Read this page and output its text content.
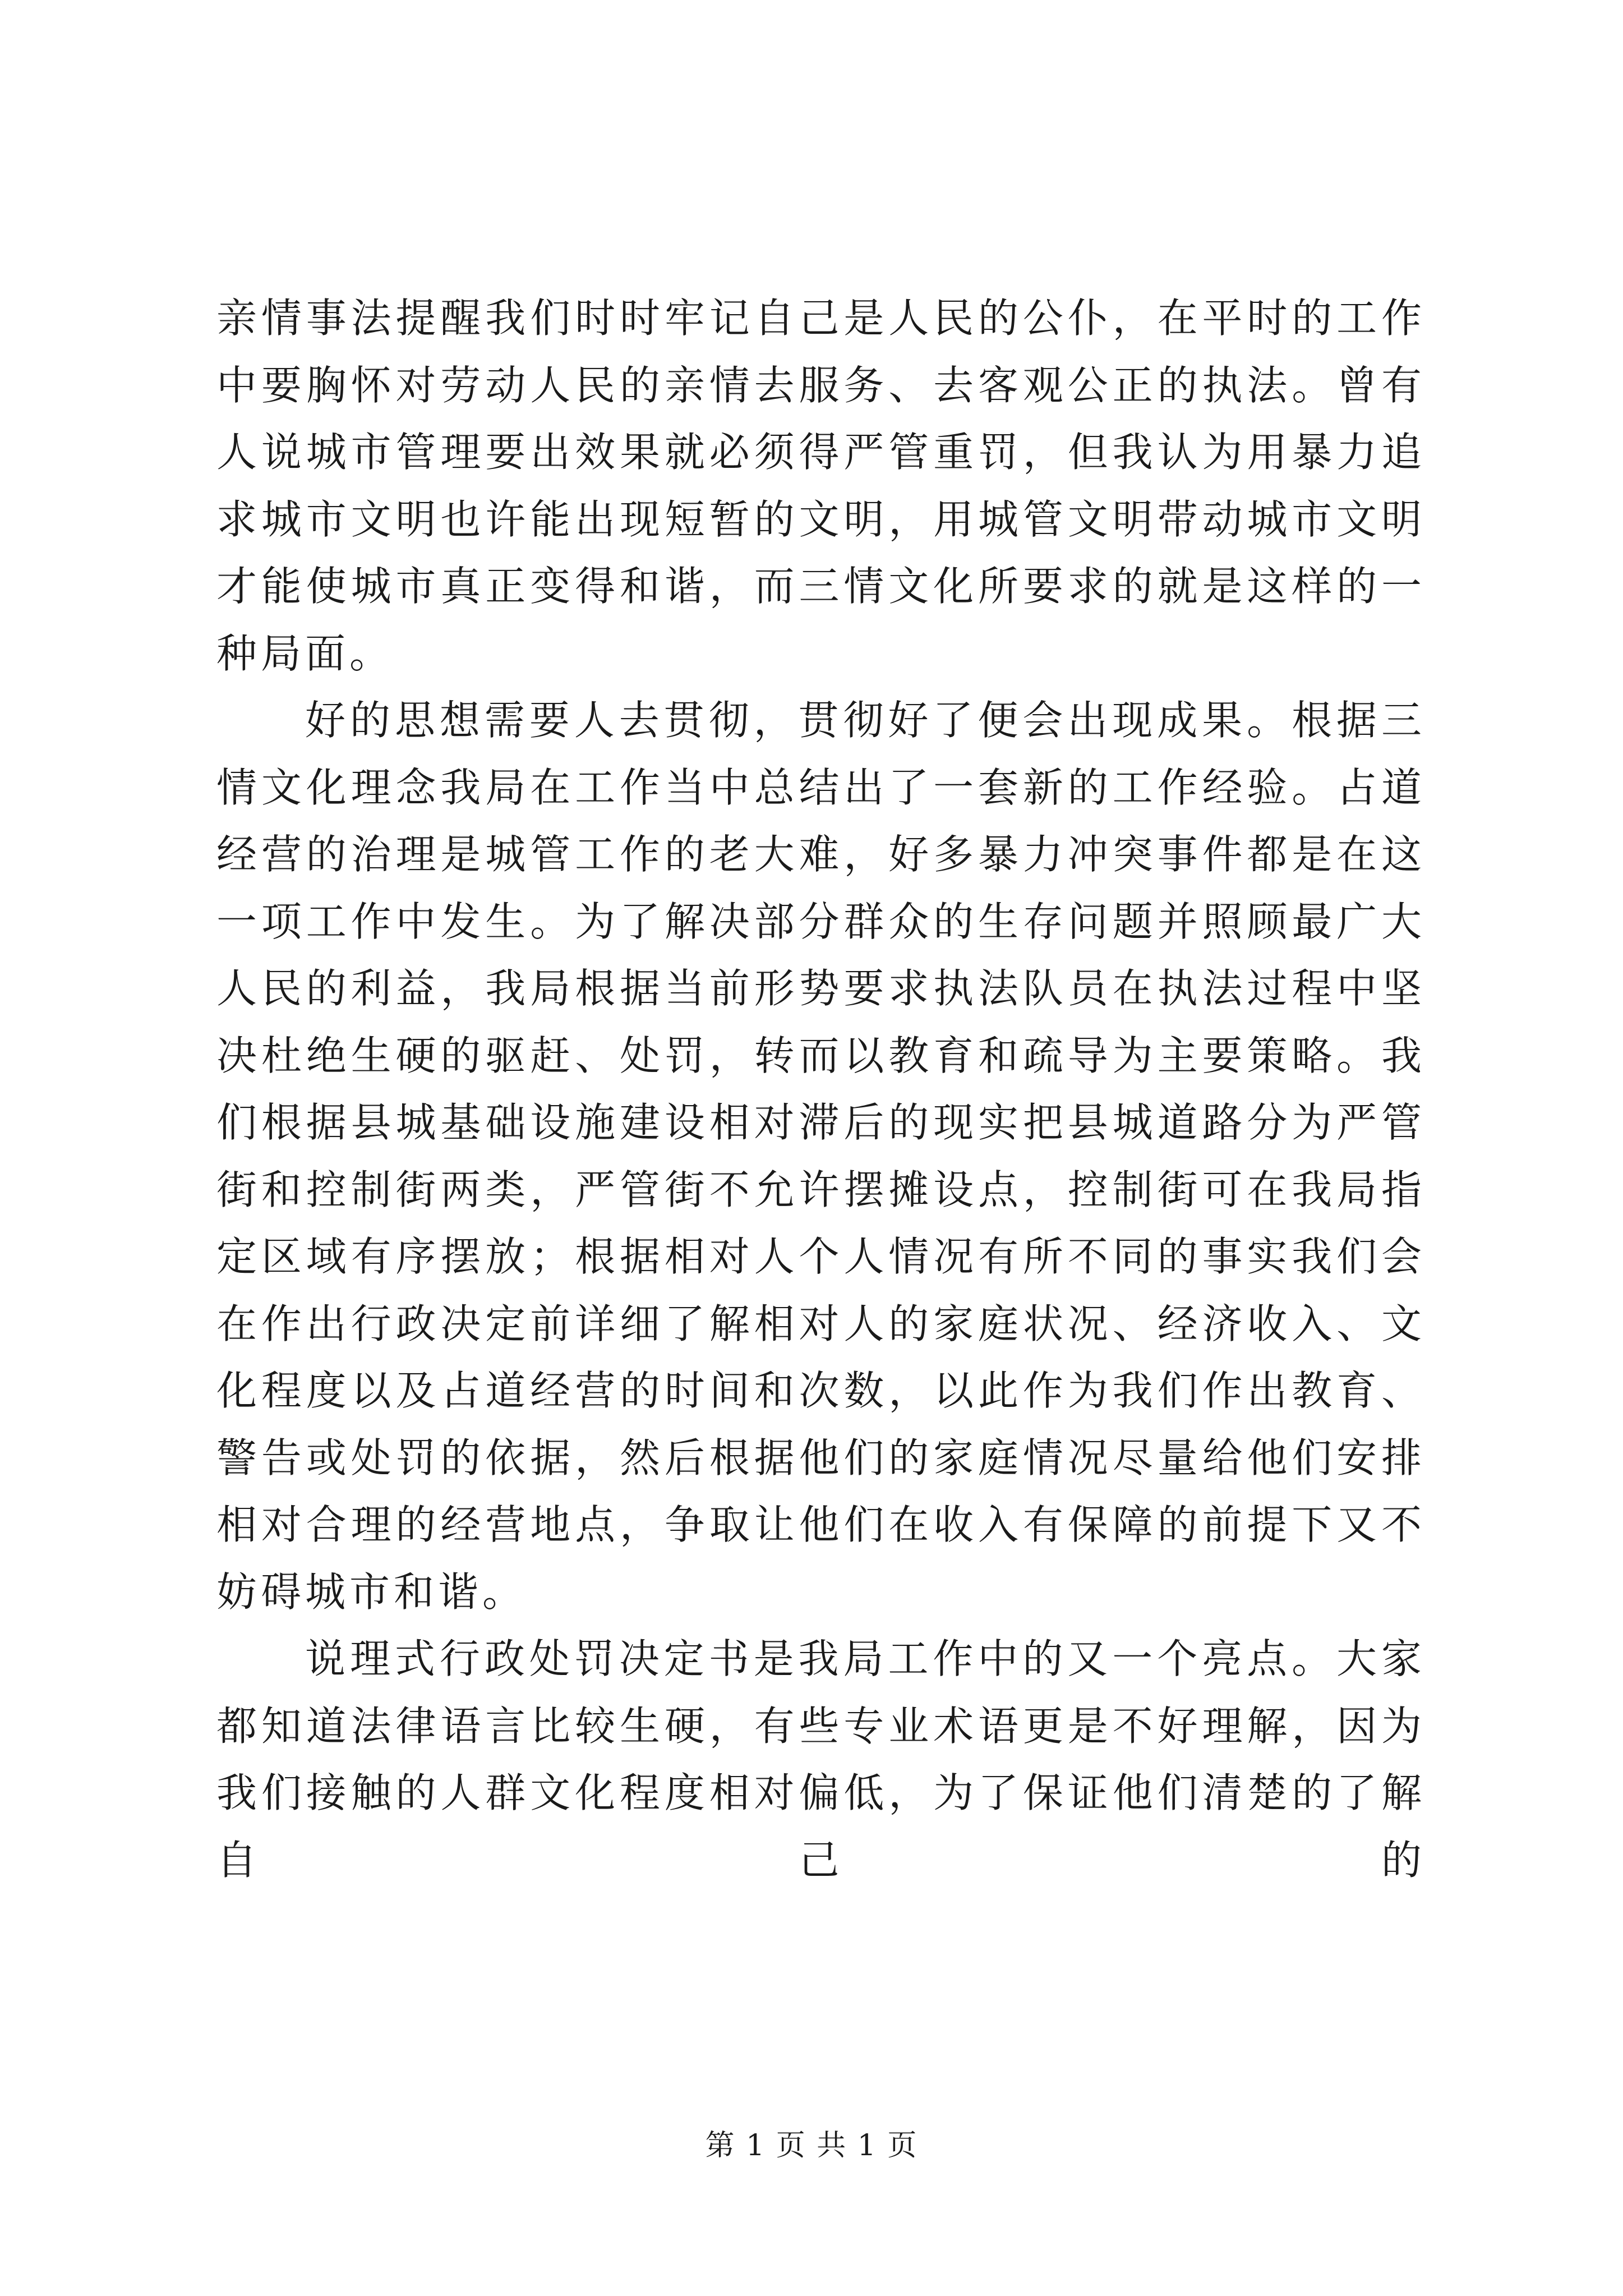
亲情事法提醒我们时时牢记自己是人民的公仆，在平时的工作中要胸怀对劳动人民的亲情去服务、去客观公正的执法。曾有人说城市管理要出效果就必须得严管重罚，但我认为用暴力追求城市文明也许能出现短暂的文明，用城管文明带动城市文明才能使城市真正变得和谐，而三情文化所要求的就是这样的一种局面。

好的思想需要人去贯彻，贯彻好了便会出现成果。根据三情文化理念我局在工作当中总结出了一套新的工作经验。占道经营的治理是城管工作的老大难，好多暴力冲突事件都是在这一项工作中发生。为了解决部分群众的生存问题并照顾最广大人民的利益，我局根据当前形势要求执法队员在执法过程中坚决杜绝生硬的驱赶、处罚，转而以教育和疏导为主要策略。我们根据县城基础设施建设相对滞后的现实把县城道路分为严管街和控制街两类，严管街不允许摆摊设点，控制街可在我局指定区域有序摆放；根据相对人个人情况有所不同的事实我们会在作出行政决定前详细了解相对人的家庭状况、经济收入、文化程度以及占道经营的时间和次数，以此作为我们作出教育、警告或处罚的依据，然后根据他们的家庭情况尽量给他们安排相对合理的经营地点，争取让他们在收入有保障的前提下又不妨碍城市和谐。

说理式行政处罚决定书是我局工作中的又一个亮点。大家都知道法律语言比较生硬，有些专业术语更是不好理解，因为我们接触的人群文化程度相对偏低，为了保证他们清楚的了解自己的

第 1 页 共 1 页
